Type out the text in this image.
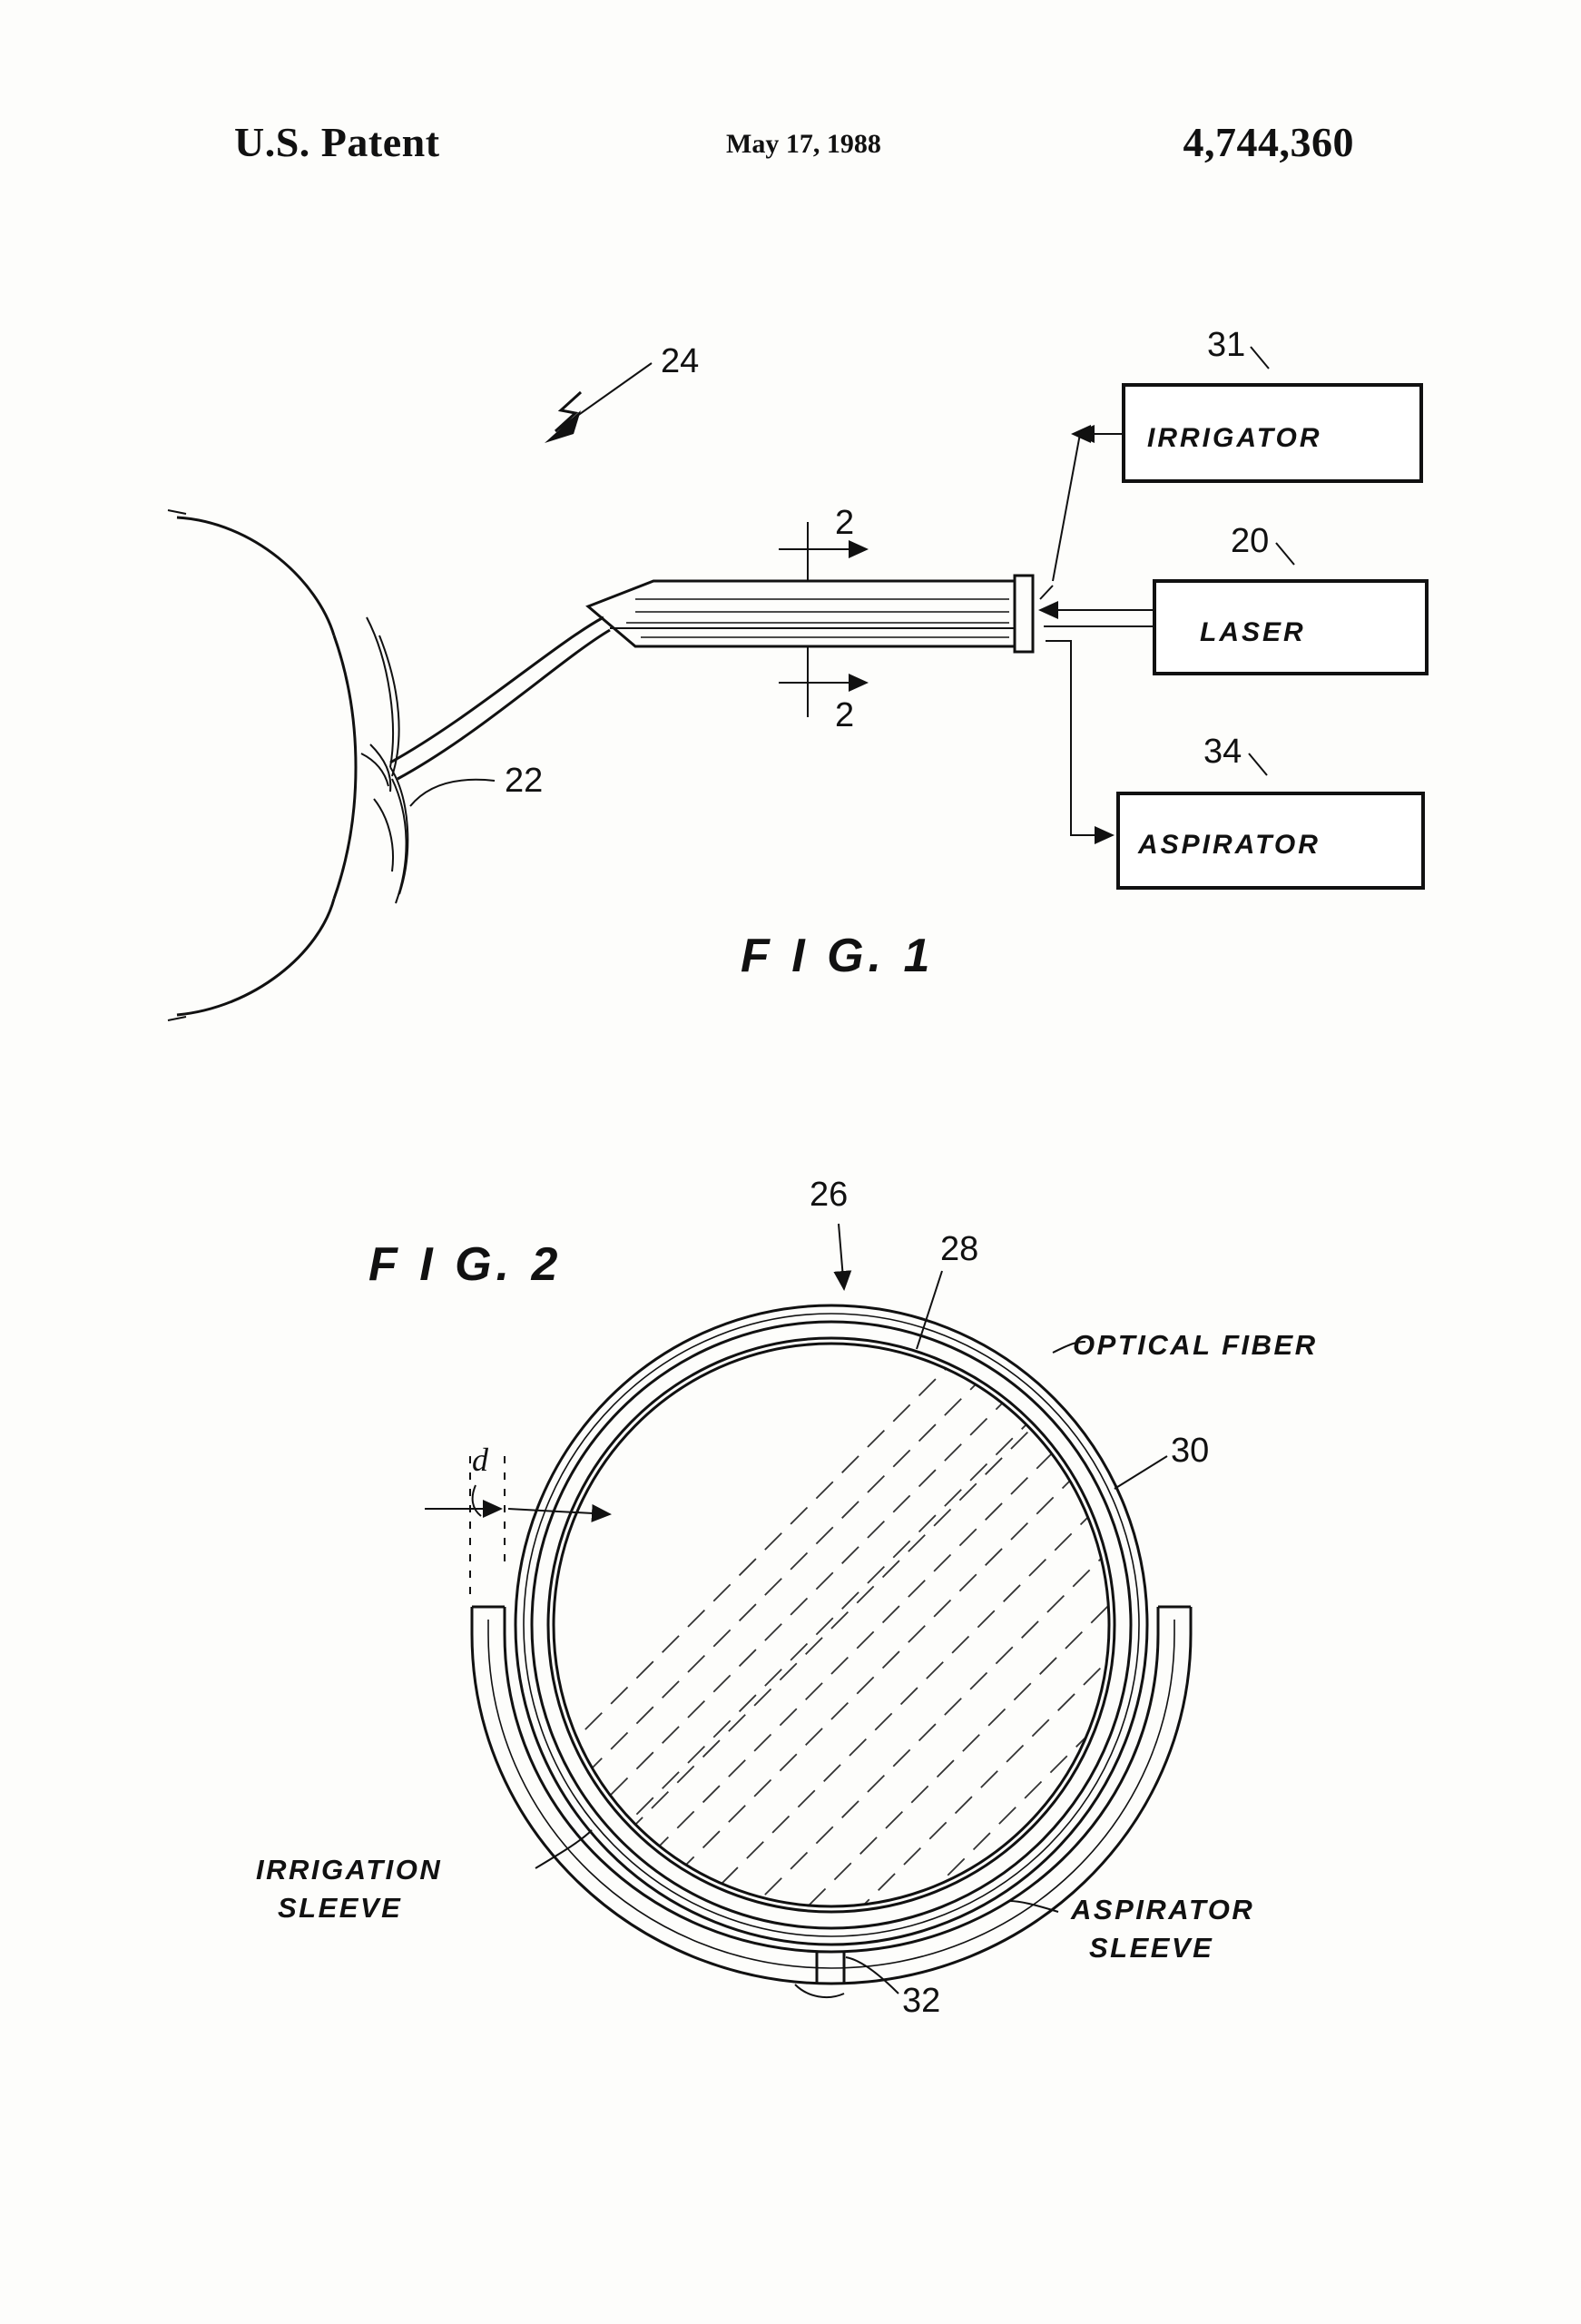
U.S. Patent	May 17, 1988	4,744,360
2
2
24
22
IRRIGATOR
31
LASER
20
ASPIRATOR
34
F I G. 1
F I G. 2
26
28
OPTICAL FIBER
30
d
IRRIGATION
SLEEVE	ASPIRATOR
SLEEVE
32
